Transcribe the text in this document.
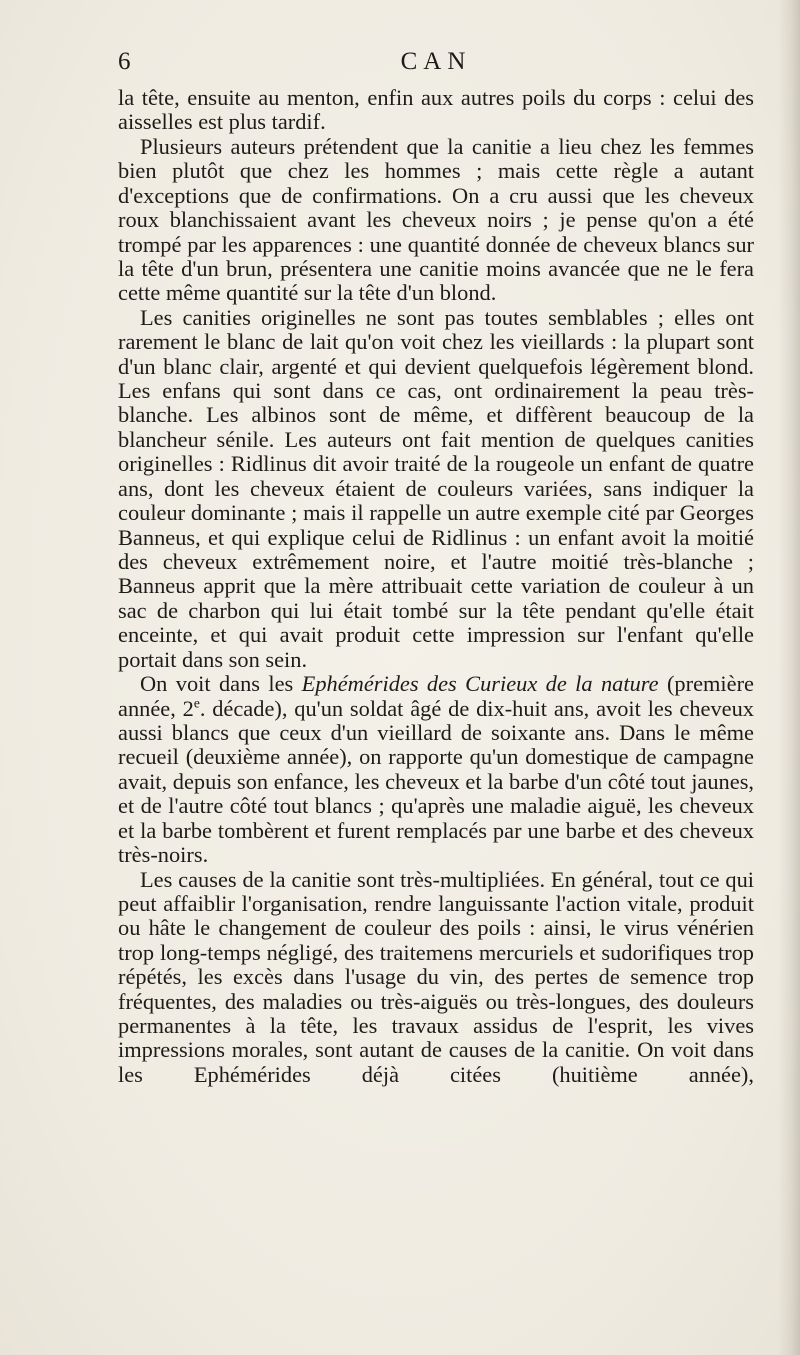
6	CAN

la tête, ensuite au menton, enfin aux autres poils du corps : celui des aisselles est plus tardif.

Plusieurs auteurs prétendent que la canitie a lieu chez les femmes bien plutôt que chez les hommes ; mais cette règle a autant d'exceptions que de confirmations. On a cru aussi que les cheveux roux blanchissaient avant les cheveux noirs ; je pense qu'on a été trompé par les apparences : une quantité donnée de cheveux blancs sur la tête d'un brun, présentera une canitie moins avancée que ne le fera cette même quantité sur la tête d'un blond.

Les canities originelles ne sont pas toutes semblables ; elles ont rarement le blanc de lait qu'on voit chez les vieillards : la plupart sont d'un blanc clair, argenté et qui devient quelquefois légèrement blond. Les enfans qui sont dans ce cas, ont ordinairement la peau très-blanche. Les albinos sont de même, et diffèrent beaucoup de la blancheur sénile. Les auteurs ont fait mention de quelques canities originelles : Ridlinus dit avoir traité de la rougeole un enfant de quatre ans, dont les cheveux étaient de couleurs variées, sans indiquer la couleur dominante ; mais il rappelle un autre exemple cité par Georges Banneus, et qui explique celui de Ridlinus : un enfant avoit la moitié des cheveux extrêmement noire, et l'autre moitié très-blanche ; Banneus apprit que la mère attribuait cette variation de couleur à un sac de charbon qui lui était tombé sur la tête pendant qu'elle était enceinte, et qui avait produit cette impression sur l'enfant qu'elle portait dans son sein.

On voit dans les Ephémérides des Curieux de la nature (première année, 2e. décade), qu'un soldat âgé de dix-huit ans, avoit les cheveux aussi blancs que ceux d'un vieillard de soixante ans. Dans le même recueil (deuxième année), on rapporte qu'un domestique de campagne avait, depuis son enfance, les cheveux et la barbe d'un côté tout jaunes, et de l'autre côté tout blancs ; qu'après une maladie aiguë, les cheveux et la barbe tombèrent et furent remplacés par une barbe et des cheveux très-noirs.

Les causes de la canitie sont très-multipliées. En général, tout ce qui peut affaiblir l'organisation, rendre languissante l'action vitale, produit ou hâte le changement de couleur des poils : ainsi, le virus vénérien trop long-temps négligé, des traitemens mercuriels et sudorifiques trop répétés, les excès dans l'usage du vin, des pertes de semence trop fréquentes, des maladies ou très-aiguës ou très-longues, des douleurs permanentes à la tête, les travaux assidus de l'esprit, les vives impressions morales, sont autant de causes de la canitie. On voit dans les Ephémérides déjà citées (huitième année),
